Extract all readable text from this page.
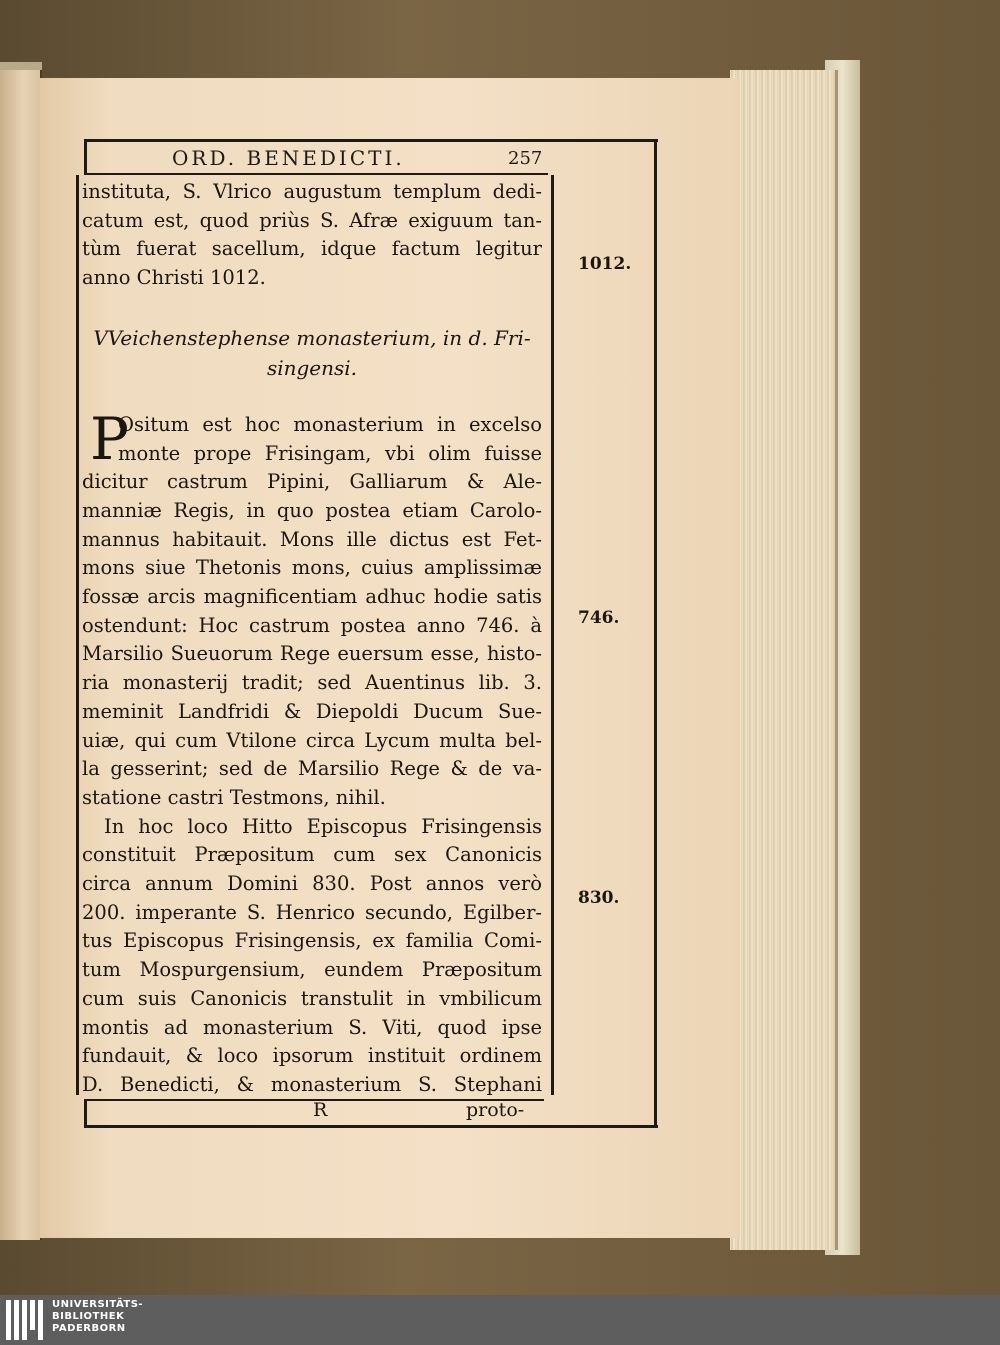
ORD. BENEDICTI.	257
instituta, S. Vlrico augustum templum dedi-
catum est, quod priùs S. Afræ exiguum tan-
tùm fuerat sacellum, idque factum legitur
anno Christi 1012.
VVeichenstephense monasterium, in d. Fri-
singensi.
P
Ositum est hoc monasterium in excelso
monte prope Frisingam, vbi olim fuisse
dicitur castrum Pipini, Galliarum & Ale-
manniæ Regis, in quo postea etiam Carolo-
mannus habitauit. Mons ille dictus est Fet-
mons siue Thetonis mons, cuius amplissimæ
fossæ arcis magnificentiam adhuc hodie satis
ostendunt: Hoc castrum postea anno 746. à
Marsilio Sueuorum Rege euersum esse, histo-
ria monasterij tradit; sed Auentinus lib. 3.
meminit Landfridi & Diepoldi Ducum Sue-
uiæ, qui cum Vtilone circa Lycum multa bel-
la gesserint; sed de Marsilio Rege & de va-
statione castri Testmons, nihil.
In hoc loco Hitto Episcopus Frisingensis
constituit Præpositum cum sex Canonicis
circa annum Domini 830. Post annos verò
200. imperante S. Henrico secundo, Egilber-
tus Episcopus Frisingensis, ex familia Comi-
tum Mospurgensium, eundem Præpositum
cum suis Canonicis transtulit in vmbilicum
montis ad monasterium S. Viti, quod ipse
fundauit, & loco ipsorum instituit ordinem
D. Benedicti, & monasterium S. Stephani
1012.
746.
830.
R	proto-
UNIVERSITÄTS-
BIBLIOTHEK
PADERBORN
